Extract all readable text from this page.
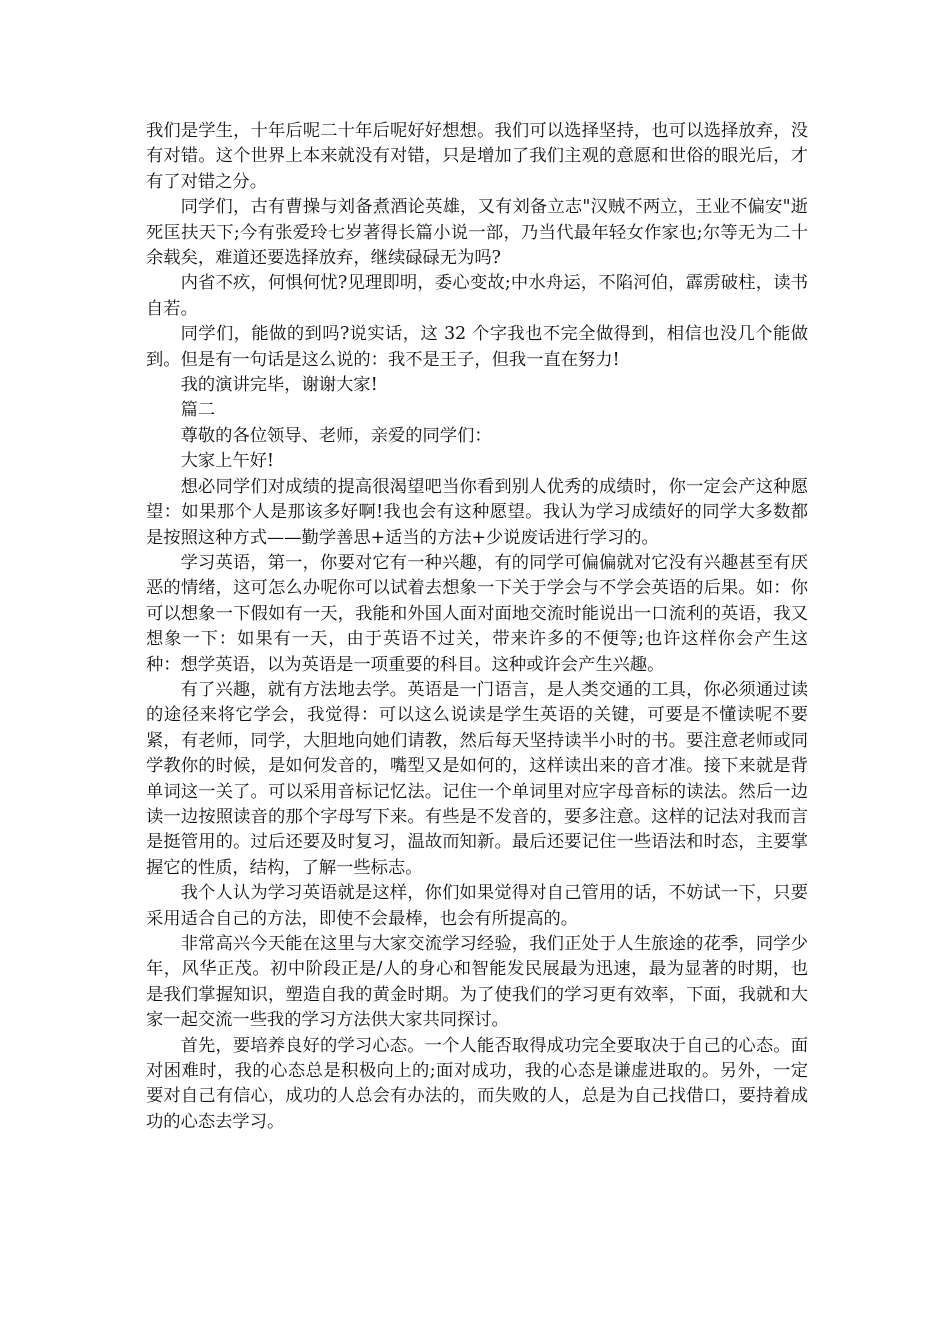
我们是学生，十年后呢二十年后呢好好想想。我们可以选择坚持，也可以选择放弃，没有对错。这个世界上本来就没有对错，只是增加了我们主观的意愿和世俗的眼光后，才有了对错之分。

同学们，古有曹操与刘备煮酒论英雄，又有刘备立志"汉贼不两立，王业不偏安"逝死匡扶天下;今有张爱玲七岁著得长篇小说一部，乃当代最年轻女作家也;尔等无为二十余载矣，难道还要选择放弃，继续碌碌无为吗?

内省不疚，何惧何忧?见理即明，委心变故;中水舟运，不陷河伯，霹雳破柱，读书自若。

同学们，能做的到吗?说实话，这 32 个字我也不完全做得到，相信也没几个能做到。但是有一句话是这么说的：我不是王子，但我一直在努力!

我的演讲完毕，谢谢大家!

篇二

尊敬的各位领导、老师，亲爱的同学们：

大家上午好!

想必同学们对成绩的提高很渴望吧当你看到别人优秀的成绩时，你一定会产这种愿望：如果那个人是那该多好啊!我也会有这种愿望。我认为学习成绩好的同学大多数都是按照这种方式——勤学善思+适当的方法+少说废话进行学习的。

学习英语，第一，你要对它有一种兴趣，有的同学可偏偏就对它没有兴趣甚至有厌恶的情绪，这可怎么办呢你可以试着去想象一下关于学会与不学会英语的后果。如：你可以想象一下假如有一天，我能和外国人面对面地交流时能说出一口流利的英语，我又想象一下：如果有一天，由于英语不过关，带来许多的不便等;也许这样你会产生这种：想学英语，以为英语是一项重要的科目。这种或许会产生兴趣。

有了兴趣，就有方法地去学。英语是一门语言，是人类交通的工具，你必须通过读的途径来将它学会，我觉得：可以这么说读是学生英语的关键，可要是不懂读呢不要紧，有老师，同学，大胆地向她们请教，然后每天坚持读半小时的书。要注意老师或同学教你的时候，是如何发音的，嘴型又是如何的，这样读出来的音才准。接下来就是背单词这一关了。可以采用音标记忆法。记住一个单词里对应字母音标的读法。然后一边读一边按照读音的那个字母写下来。有些是不发音的，要多注意。这样的记法对我而言是挺管用的。过后还要及时复习，温故而知新。最后还要记住一些语法和时态，主要掌握它的性质，结构，了解一些标志。

我个人认为学习英语就是这样，你们如果觉得对自己管用的话，不妨试一下，只要采用适合自己的方法，即使不会最棒，也会有所提高的。

非常高兴今天能在这里与大家交流学习经验，我们正处于人生旅途的花季，同学少年，风华正茂。初中阶段正是/人的身心和智能发民展最为迅速，最为显著的时期，也是我们掌握知识，塑造自我的黄金时期。为了使我们的学习更有效率，下面，我就和大家一起交流一些我的学习方法供大家共同探讨。

首先，要培养良好的学习心态。一个人能否取得成功完全要取决于自己的心态。面对困难时，我的心态总是积极向上的;面对成功，我的心态是谦虚进取的。另外，一定要对自己有信心，成功的人总会有办法的，而失败的人，总是为自己找借口，要持着成功的心态去学习。
